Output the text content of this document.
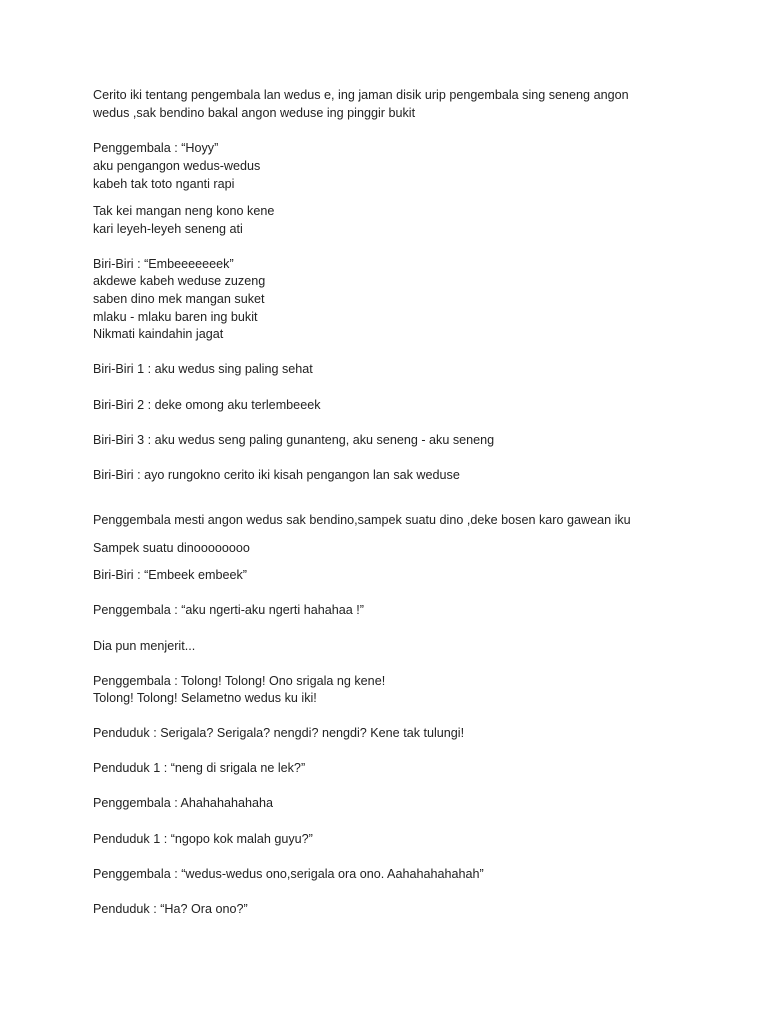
Cerito iki tentang pengembala lan wedus e, ing jaman disik urip pengembala sing seneng angon

wedus ,sak bendino bakal angon weduse ing pinggir bukit

Penggembala : “Hoyy”

aku pengangon wedus-wedus

kabeh tak toto nganti rapi

Tak kei mangan neng kono kene

kari leyeh-leyeh seneng ati

Biri-Biri : “Embeeeeeeek”

akdewe kabeh weduse zuzeng

saben dino mek mangan suket

mlaku - mlaku baren ing bukit

Nikmati kaindahin jagat

Biri-Biri 1 : aku wedus sing paling sehat

Biri-Biri 2 : deke omong aku terlembeeek

Biri-Biri 3 : aku wedus seng paling gunanteng, aku seneng - aku seneng

Biri-Biri : ayo rungokno cerito iki kisah pengangon lan sak weduse

Penggembala mesti angon wedus sak bendino,sampek suatu dino ,deke bosen karo gawean iku

Sampek suatu dinoooooooo

Biri-Biri : “Embeek embeek”

Penggembala : “aku ngerti-aku ngerti hahahaa !”

Dia pun menjerit...

Penggembala : Tolong! Tolong! Ono srigala ng kene!

Tolong! Tolong! Selametno wedus ku iki!

Penduduk : Serigala? Serigala? nengdi? nengdi? Kene tak tulungi!

Penduduk 1 : “neng di srigala ne lek?”

Penggembala : Ahahahahahaha

Penduduk 1 : “ngopo kok malah guyu?”

Penggembala : “wedus-wedus ono,serigala ora ono. Aahahahahahah”

Penduduk : “Ha? Ora ono?”
